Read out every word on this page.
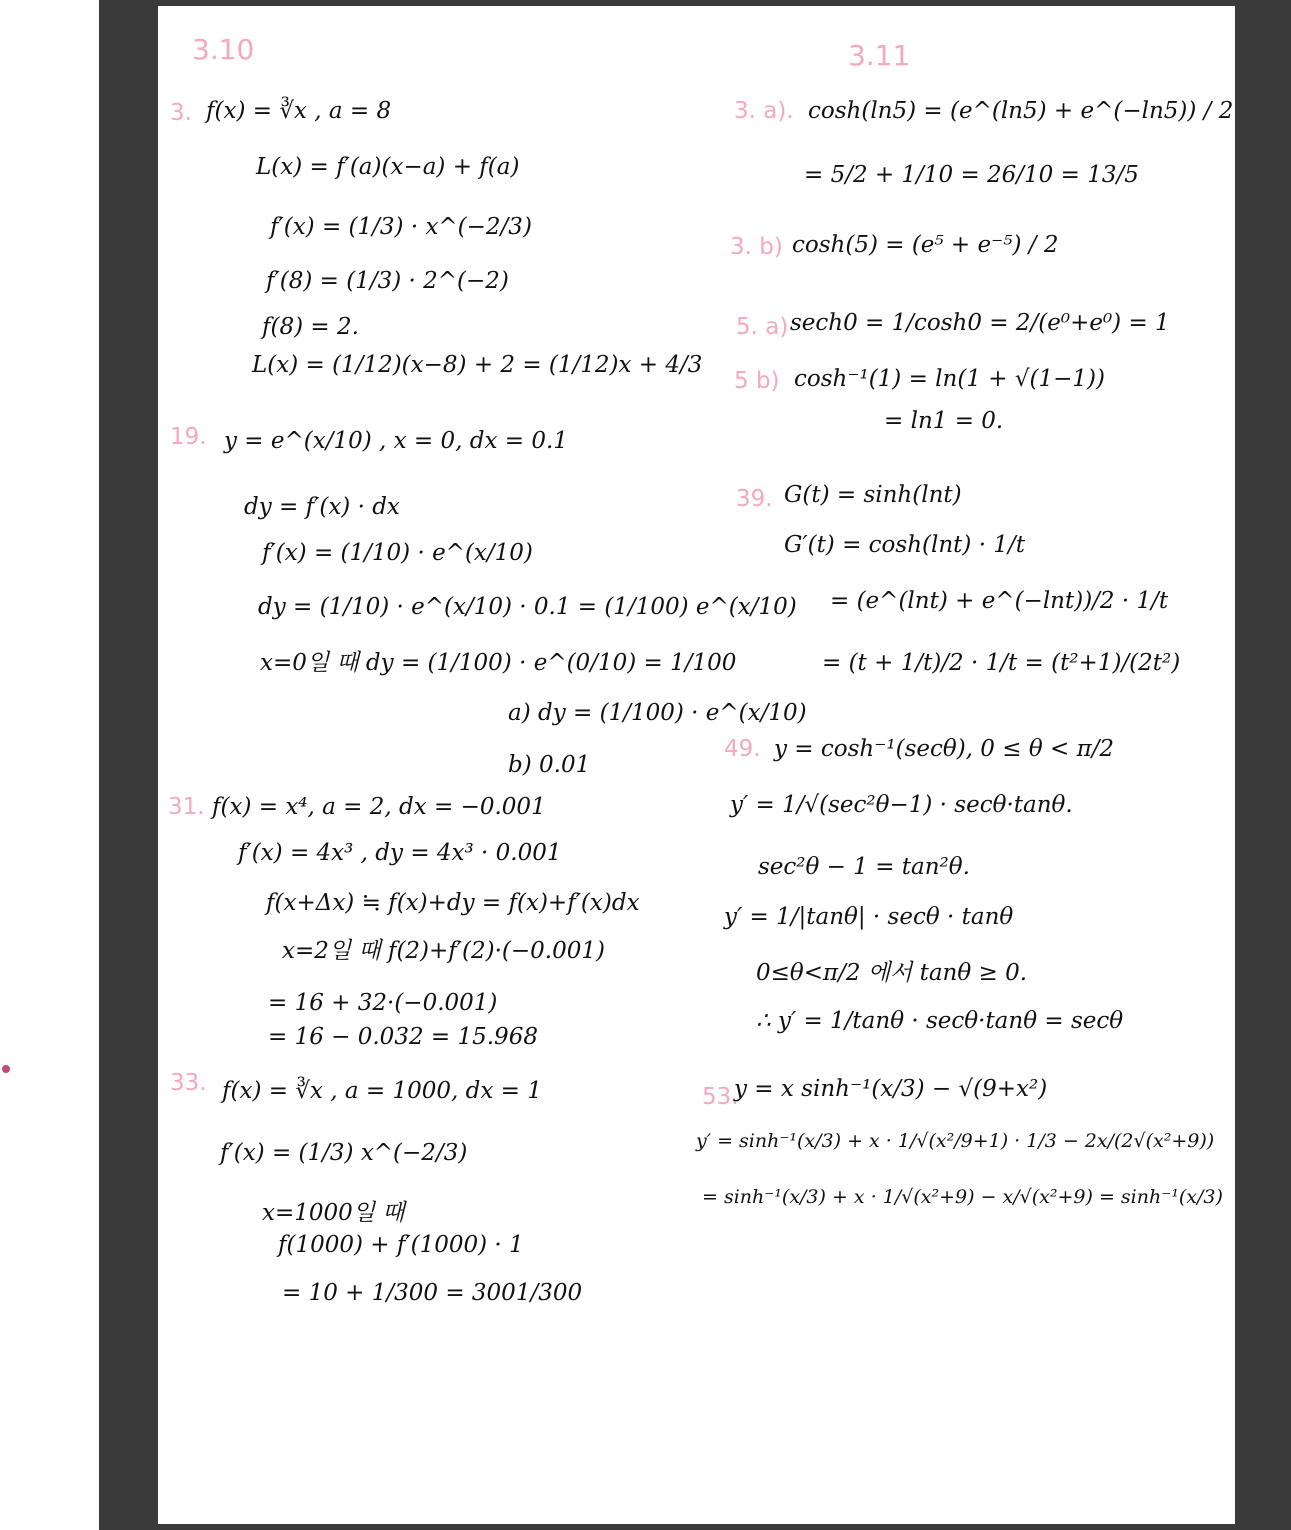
3.10
3. f(x) = ∛x , a = 8
L(x) = f′(a)(x−a) + f(a)
f′(x) = (1/3) · x^(−2/3)
f′(8) = (1/3) · 2^(−2)
f(8) = 2.
L(x) = (1/12)(x−8) + 2 = (1/12)x + 4/3
19. y = e^(x/10) , x = 0, dx = 0.1
dy = f′(x) · dx
f′(x) = (1/10) · e^(x/10)
dy = (1/10) · e^(x/10) · 0.1 = (1/100) e^(x/10)
x=0일 때 dy = (1/100) · e^(0/10) = 1/100
a) dy = (1/100) · e^(x/10)
b) 0.01
31. f(x) = x⁴, a = 2, dx = −0.001
f′(x) = 4x³ , dy = 4x³ · 0.001
f(x+Δx) ≒ f(x)+dy = f(x)+f′(x)dx
x=2일 때 f(2)+f′(2)·(−0.001)
= 16 + 32·(−0.001)
= 16 − 0.032 = 15.968
33. f(x) = ∛x , a = 1000, dx = 1
f′(x) = (1/3) x^(−2/3)
x=1000일 때
f(1000) + f′(1000) · 1
= 10 + 1/300 = 3001/300
3.11
3. a). cosh(ln5) = (e^(ln5) + e^(−ln5)) / 2
= 5/2 + 1/10 = 26/10 = 13/5
3. b) cosh(5) = (e⁵ + e⁻⁵) / 2
5. a) sech0 = 1/cosh0 = 2/(e⁰+e⁰) = 1
5 b) cosh⁻¹(1) = ln(1 + √(1−1))
= ln1 = 0.
39. G(t) = sinh(lnt)
G′(t) = cosh(lnt) · 1/t
= (e^(lnt) + e^(−lnt))/2 · 1/t
= (t + 1/t)/2 · 1/t = (t²+1)/(2t²)
49. y = cosh⁻¹(secθ), 0 ≤ θ < π/2
y′ = 1/√(sec²θ−1) · secθ·tanθ.
sec²θ − 1 = tan²θ.
y′ = 1/|tanθ| · secθ · tanθ
0≤θ<π/2 에서 tanθ ≥ 0.
∴ y′ = 1/tanθ · secθ·tanθ = secθ
53.
y = x sinh⁻¹(x/3) − √(9+x²)
y′ = sinh⁻¹(x/3) + x · 1/√(x²/9+1) · 1/3 − 2x/(2√(x²+9))
= sinh⁻¹(x/3) + x · 1/√(x²+9) − x/√(x²+9) = sinh⁻¹(x/3)
